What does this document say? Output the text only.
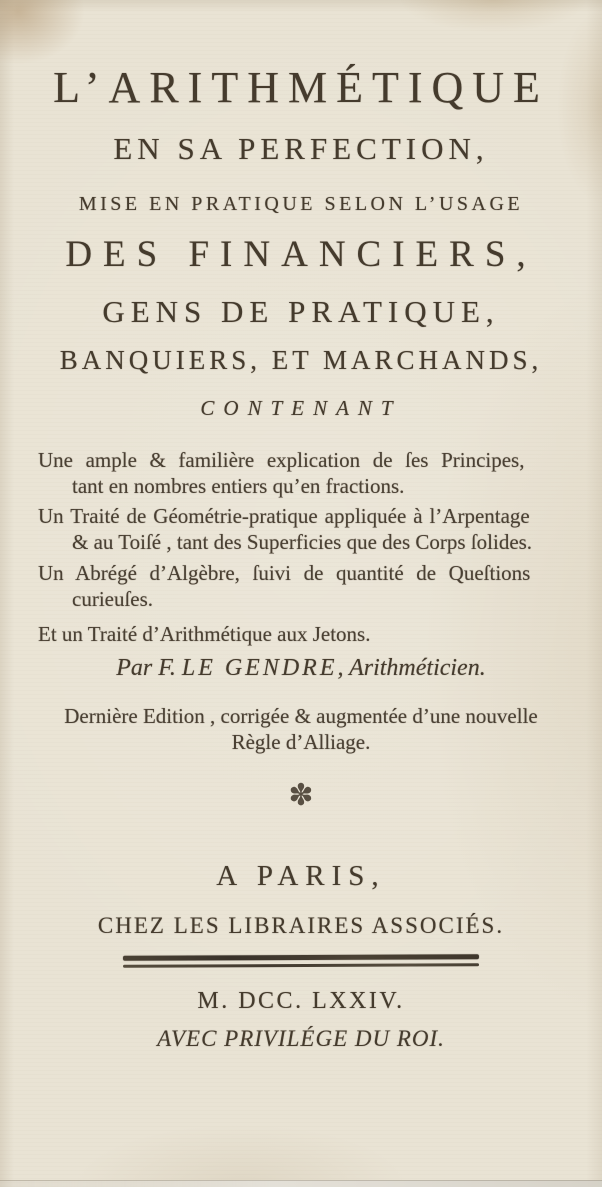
L’ARITHMÉTIQUE
EN SA PERFECTION,
MISE EN PRATIQUE SELON L’USAGE
DES FINANCIERS,
GENS DE PRATIQUE,
BANQUIERS, ET MARCHANDS,
CONTENANT
Une ample & familière explication de ſes Principes,
tant en nombres entiers qu’en fractions.
Un Traité de Géométrie-pratique appliquée à l’Arpentage
& au Toiſé , tant des Superficies que des Corps ſolides.
Un Abrégé d’Algèbre, ſuivi de quantité de Queſtions
curieuſes.
Et un Traité d’Arithmétique aux Jetons.
Par F. LE GENDRE, Arithméticien.
Dernière Edition , corrigée & augmentée d’une nouvelle
Règle d’Alliage.
✽
A PARIS,
CHEZ LES LIBRAIRES ASSOCIÉS.
M. DCC. LXXIV.
AVEC PRIVILÉGE DU ROI.
